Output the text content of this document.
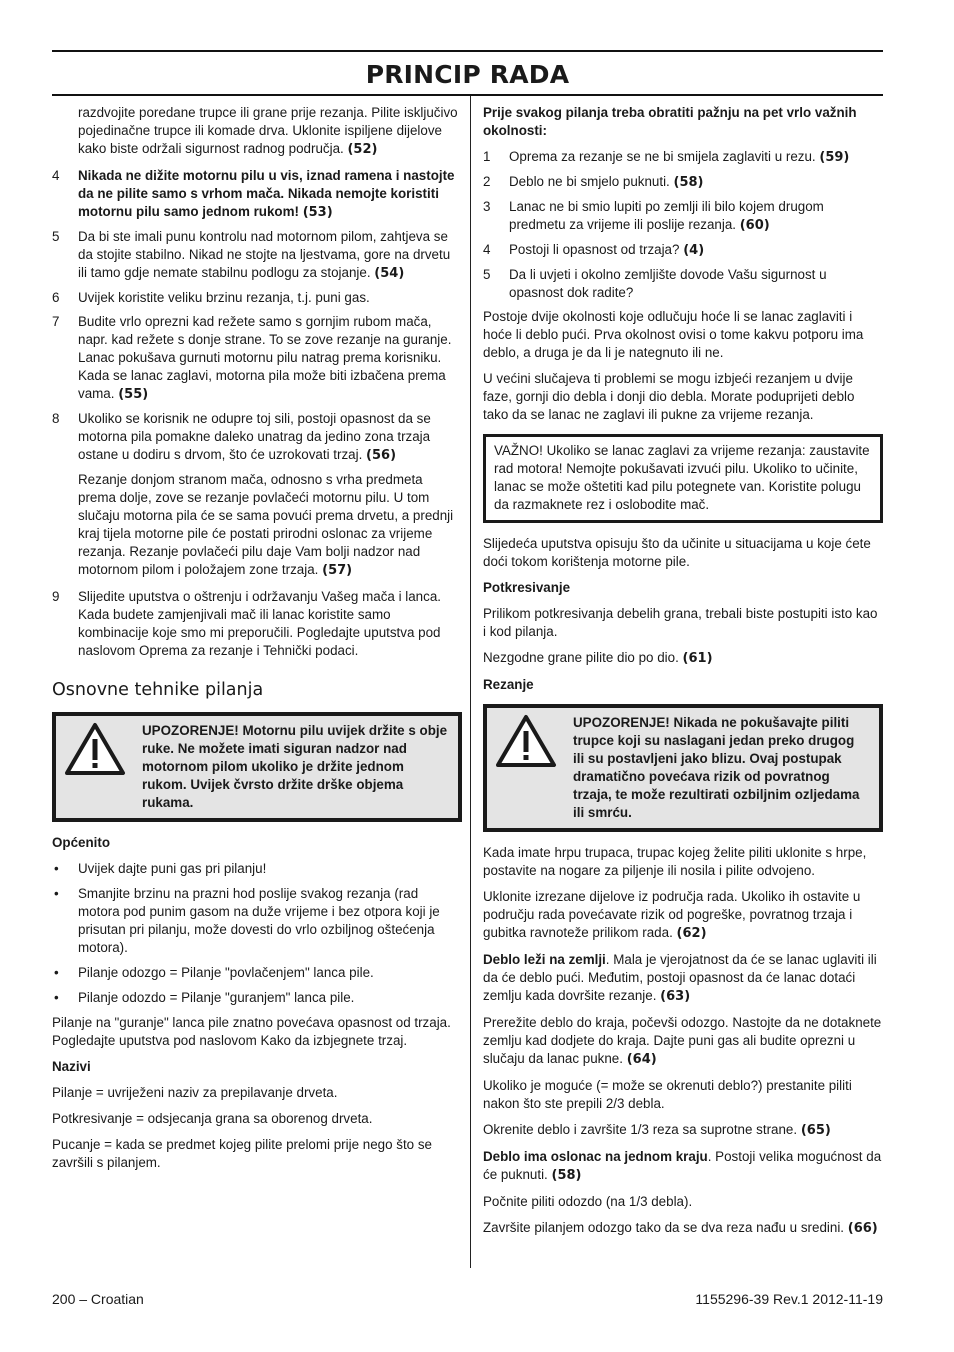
PRINCIP RADA

razdvojite poredane trupce ili grane prije rezanja. Pilite isključivo pojedinačne trupce ili komade drva. Uklonite ispiljene dijelove kako biste održali sigurnost radnog područja. (52)

4 Nikada ne dižite motornu pilu u vis, iznad ramena i nastojte da ne pilite samo s vrhom mača. Nikada nemojte koristiti motornu pilu samo jednom rukom! (53)
5 Da bi ste imali punu kontrolu nad motornom pilom, zahtjeva se da stojite stabilno. Nikad ne stojte na ljestvama, gore na drvetu ili tamo gdje nemate stabilnu podlogu za stojanje. (54)
6 Uvijek koristite veliku brzinu rezanja, t.j. puni gas.
7 Budite vrlo oprezni kad režete samo s gornjim rubom mača, napr. kad režete s donje strane. To se zove rezanje na guranje. Lanac pokušava gurnuti motornu pilu natrag prema korisniku. Kada se lanac zaglavi, motorna pila može biti izbačena prema vama. (55)
8 Ukoliko se korisnik ne odupre toj sili, postoji opasnost da se motorna pila pomakne daleko unatrag da jedino zona trzaja ostane u dodiru s drvom, što će uzrokovati trzaj. (56)

Rezanje donjom stranom mača, odnosno s vrha predmeta prema dolje, zove se rezanje povlačeći motornu pilu. U tom slučaju motorna pila će se sama povući prema drvetu, a prednji kraj tijela motorne pile će postati prirodni oslonac za vrijeme rezanja. Rezanje povlačeći pilu daje Vam bolji nadzor nad motornom pilom i položajem zone trzaja. (57)

9 Slijedite uputstva o oštrenju i održavanju Vašeg mača i lanca. Kada budete zamjenjivali mač ili lanac koristite samo kombinacije koje smo mi preporučili. Pogledajte uputstva pod naslovom Oprema za rezanje i Tehnički podaci.
Osnovne tehnike pilanja
UPOZORENJE! Motornu pilu uvijek držite s obje ruke. Ne možete imati siguran nadzor nad motornom pilom ukoliko je držite jednom rukom. Uvijek čvrsto držite drške objema rukama.

Općenito

• Uvijek dajte puni gas pri pilanju!
• Smanjite brzinu na prazni hod poslije svakog rezanja (rad motora pod punim gasom na duže vrijeme i bez otpora koji je prisutan pri pilanju, može dovesti do vrlo ozbiljnog oštećenja motora).
• Pilanje odozgo = Pilanje "povlačenjem" lanca pile.
• Pilanje odozdo = Pilanje "guranjem" lanca pile.

Pilanje na "guranje" lanca pile znatno povećava opasnost od trzaja. Pogledajte uputstva pod naslovom Kako da izbjegnete trzaj.

Nazivi

Pilanje = uvriježeni naziv za prepilavanje drveta.

Potkresivanje = odsjecanja grana sa oborenog drveta.

Pucanje = kada se predmet kojeg pilite prelomi prije nego što se završili s pilanjem.

Prije svakog pilanja treba obratiti pažnju na pet vrlo važnih okolnosti:

1 Oprema za rezanje se ne bi smijela zaglaviti u rezu. (59)
2 Deblo ne bi smjelo puknuti. (58)
3 Lanac ne bi smio lupiti po zemlji ili bilo kojem drugom predmetu za vrijeme ili poslije rezanja. (60)
4 Postoji li opasnost od trzaja? (4)
5 Da li uvjeti i okolno zemljište dovode Vašu sigurnost u opasnost dok radite?

Postoje dvije okolnosti koje odlučuju hoće li se lanac zaglaviti i hoće li deblo pući. Prva okolnost ovisi o tome kakvu potporu ima deblo, a druga je da li je nategnuto ili ne.

U većini slučajeva ti problemi se mogu izbjeći rezanjem u dvije faze, gornji dio debla i donji dio debla. Morate poduprijeti deblo tako da se lanac ne zaglavi ili pukne za vrijeme rezanja.

VAŽNO! Ukoliko se lanac zaglavi za vrijeme rezanja: zaustavite rad motora! Nemojte pokušavati izvući pilu. Ukoliko to učinite, lanac se može oštetiti kad pilu potegnete van. Koristite polugu da razmaknete rez i oslobodite mač.

Slijedeća uputstva opisuju što da učinite u situacijama u koje ćete doći tokom korištenja motorne pile.

Potkresivanje

Prilikom potkresivanja debelih grana, trebali biste postupiti isto kao i kod pilanja.

Nezgodne grane pilite dio po dio. (61)

Rezanje

UPOZORENJE! Nikada ne pokušavajte piliti trupce koji su naslagani jedan preko drugog ili su postavljeni jako blizu. Ovaj postupak dramatično povećava rizik od povratnog trzaja, te može rezultirati ozbiljnim ozljedama ili smrću.

Kada imate hrpu trupaca, trupac kojeg želite piliti uklonite s hrpe, postavite na nogare za piljenje ili nosila i pilite odvojeno.

Uklonite izrezane dijelove iz područja rada. Ukoliko ih ostavite u području rada povećavate rizik od pogreške, povratnog trzaja i gubitka ravnoteže prilikom rada. (62)

Deblo leži na zemlji. Mala je vjerojatnost da će se lanac uglaviti ili da će deblo pući. Međutim, postoji opasnost da će lanac dotaći zemlju kada dovršite rezanje. (63)

Prerežite deblo do kraja, počevši odozgo. Nastojte da ne dotaknete zemlju kad dodjete do kraja. Dajte puni gas ali budite oprezni u slučaju da lanac pukne. (64)

Ukoliko je moguće (= može se okrenuti deblo?) prestanite piliti nakon što ste prepili 2/3 debla.

Okrenite deblo i završite 1/3 reza sa suprotne strane. (65)

Deblo ima oslonac na jednom kraju. Postoji velika mogućnost da će puknuti. (58)

Počnite piliti odozdo (na 1/3 debla).

Završite pilanjem odozgo tako da se dva reza nađu u sredini. (66)

200 – Croatian	1155296-39 Rev.1 2012-11-19
